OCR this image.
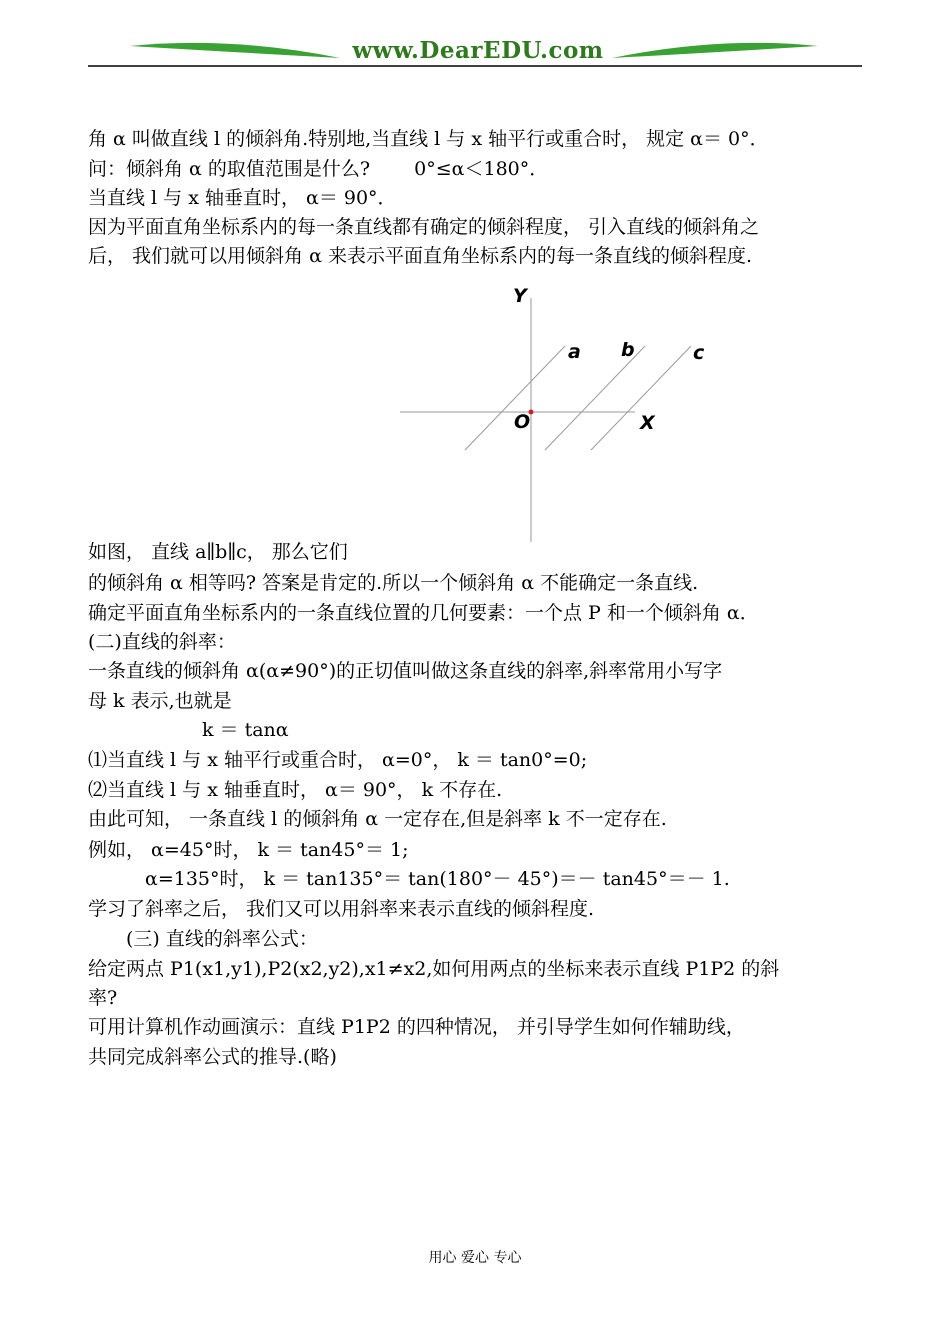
www.DearEDU.com
角 α 叫做直线 l 的倾斜角.特别地,当直线 l 与 x 轴平行或重合时， 规定 α＝ 0°．
问：倾斜角 α 的取值范围是什么?　　 0°≤α＜180°．
当直线 l 与 x 轴垂直时， α＝ 90°．
因为平面直角坐标系内的每一条直线都有确定的倾斜程度， 引入直线的倾斜角之
后， 我们就可以用倾斜角 α 来表示平面直角坐标系内的每一条直线的倾斜程度.
Y
X
O
a b	c
如图， 直线 a∥b∥c， 那么它们
的倾斜角 α 相等吗? 答案是肯定的.所以一个倾斜角 α 不能确定一条直线.
确定平面直角坐标系内的一条直线位置的几何要素：一个点 P 和一个倾斜角 α．
(二)直线的斜率：
一条直线的倾斜角 α(α≠90°)的正切值叫做这条直线的斜率,斜率常用小写字
母 k 表示,也就是
　　　　　　k ＝ tanα
⑴当直线 l 与 x 轴平行或重合时， α=0°， k ＝ tan0°=0;
⑵当直线 l 与 x 轴垂直时， α＝ 90°， k 不存在.
由此可知， 一条直线 l 的倾斜角 α 一定存在,但是斜率 k 不一定存在.
例如， α=45°时， k ＝ tan45°＝ 1;
　　　α=135°时， k ＝ tan135°＝ tan(180°－ 45°)＝－ tan45°＝－ 1.
学习了斜率之后， 我们又可以用斜率来表示直线的倾斜程度.
　　(三) 直线的斜率公式：
给定两点 P1(x1,y1),P2(x2,y2),x1≠x2,如何用两点的坐标来表示直线 P1P2 的斜
率?
可用计算机作动画演示：直线 P1P2 的四种情况， 并引导学生如何作辅助线，
共同完成斜率公式的推导.(略)
用心 爱心 专心
